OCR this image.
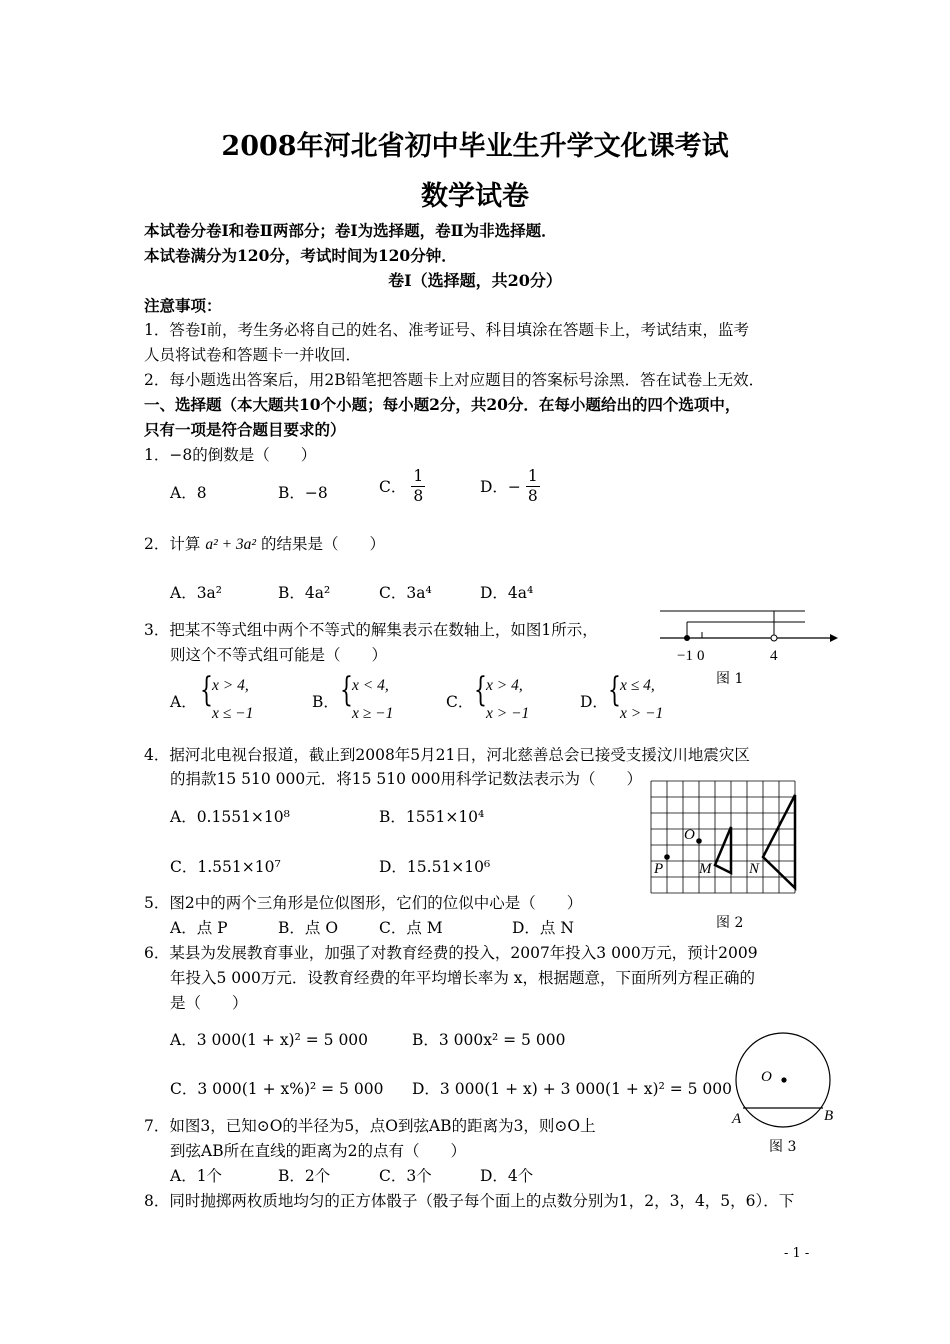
2008年河北省初中毕业生升学文化课考试
数学试卷
本试卷分卷Ⅰ和卷Ⅱ两部分；卷Ⅰ为选择题，卷Ⅱ为非选择题．
本试卷满分为120分，考试时间为120分钟．
卷Ⅰ（选择题，共20分）
注意事项：
1．答卷Ⅰ前，考生务必将自己的姓名、准考证号、科目填涂在答题卡上，考试结束，监考
人员将试卷和答题卡一并收回．
2．每小题选出答案后，用2B铅笔把答题卡上对应题目的答案标号涂黑．答在试卷上无效．
一、选择题（本大题共10个小题；每小题2分，共20分．在每小题给出的四个选项中，
只有一项是符合题目要求的）
1．−8的倒数是（　　）
A．8	B．−8	C． $\frac{1}{8}$	D．− $\frac{1}{8}$
2．计算 a² + 3a² 的结果是（　　）
A．3a²	B．4a²	C．3a⁴	D．4a⁴
3．把某不等式组中两个不等式的解集表示在数轴上，如图1所示，
则这个不等式组可能是（　　）
A． { x > 4,
x ≤ −1
B． { x < 4,
x ≥ −1
C． { x > 4,
x > −1
D． { x ≤ 4,
x > −1
−1 0	4
图 1
4．据河北电视台报道，截止到2008年5月21日，河北慈善总会已接受支援汶川地震灾区
的捐款15 510 000元．将15 510 000用科学记数法表示为（　　）
A．0.1551×10⁸	B．1551×10⁴
C．1.551×10⁷	D．15.51×10⁶
O
P M	N
图 2
5．图2中的两个三角形是位似图形，它们的位似中心是（　　）
A．点 P	B．点 O	C．点 M	D．点 N
6．某县为发展教育事业，加强了对教育经费的投入，2007年投入3 000万元，预计2009
年投入5 000万元．设教育经费的年平均增长率为 x，根据题意，下面所列方程正确的
是（　　）
A．3 000(1 + x)² = 5 000	B．3 000x² = 5 000
C．3 000(1 + x%)² = 5 000 D．3 000(1 + x) + 3 000(1 + x)² = 5 000
O
A	B
图 3
7．如图3，已知⊙O的半径为5，点O到弦AB的距离为3，则⊙O上
到弦AB所在直线的距离为2的点有（　　）
A．1个	B．2个	C．3个	D．4个
8．同时抛掷两枚质地均匀的正方体骰子（骰子每个面上的点数分别为1，2，3，4，5，6）．下
- 1 -
